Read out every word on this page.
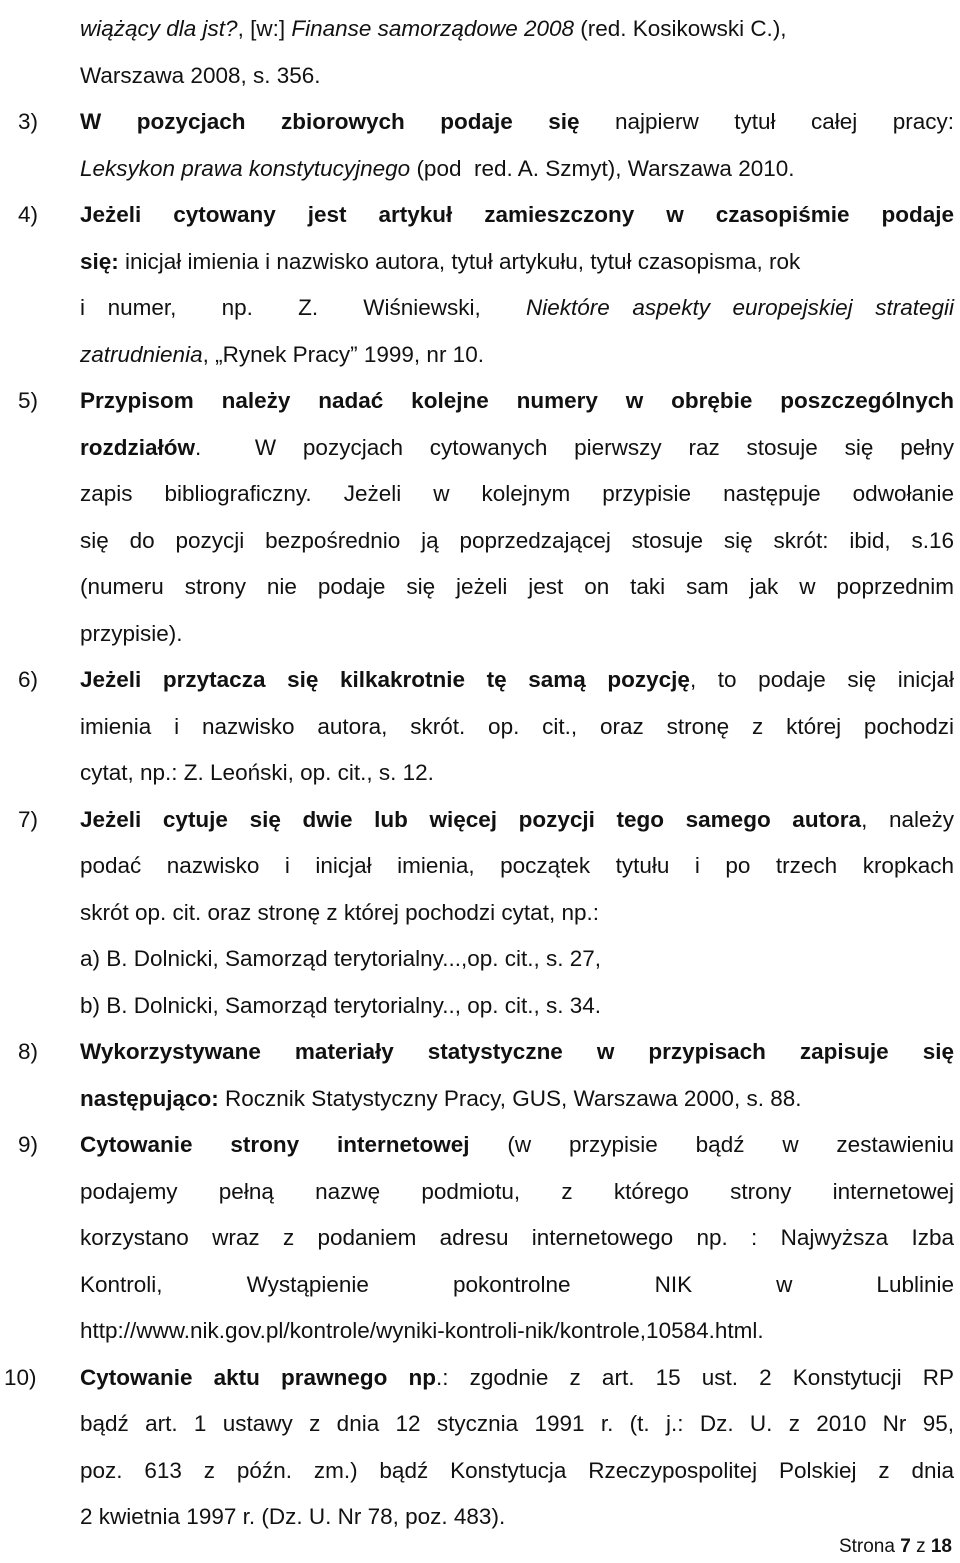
wiążący dla jst?, [w:] Finanse samorządowe 2008 (red. Kosikowski C.),
Warszawa 2008, s. 356.
3)	W pozycjach zbiorowych podaje się najpierw tytuł całej pracy:
Leksykon prawa konstytucyjnego (pod  red. A. Szmyt), Warszawa 2010.
4)	Jeżeli cytowany jest artykuł zamieszczony w czasopiśmie podaje
się: inicjał imienia i nazwisko autora, tytuł artykułu, tytuł czasopisma, rok
i numer,  np.  Z.  Wiśniewski,  Niektóre aspekty europejskiej strategii
zatrudnienia, „Rynek Pracy” 1999, nr 10.
5)	Przypisom należy nadać kolejne numery w obrębie poszczególnych
rozdziałów.  W pozycjach cytowanych pierwszy raz stosuje się pełny
zapis bibliograficzny. Jeżeli w kolejnym przypisie następuje odwołanie
się do pozycji bezpośrednio ją poprzedzającej stosuje się skrót: ibid, s.16
(numeru strony nie podaje się jeżeli jest on taki sam jak w poprzednim
przypisie).
6)	Jeżeli przytacza się kilkakrotnie tę samą pozycję, to podaje się inicjał
imienia i nazwisko autora, skrót. op. cit., oraz stronę z której pochodzi
cytat, np.: Z. Leoński, op. cit., s. 12.
7)	Jeżeli cytuje się dwie lub więcej pozycji tego samego autora, należy
podać nazwisko i inicjał imienia, początek tytułu i po trzech kropkach
skrót op. cit. oraz stronę z której pochodzi cytat, np.:
a) B. Dolnicki, Samorząd terytorialny...,op. cit., s. 27,
b) B. Dolnicki, Samorząd terytorialny.., op. cit., s. 34.
8)	Wykorzystywane materiały statystyczne w przypisach zapisuje się
następująco: Rocznik Statystyczny Pracy, GUS, Warszawa 2000, s. 88.
9)	Cytowanie strony internetowej (w przypisie bądź w zestawieniu
podajemy pełną nazwę podmiotu, z którego strony internetowej
korzystano wraz z podaniem adresu internetowego np. : Najwyższa Izba
Kontroli, Wystąpienie pokontrolne NIK w Lublinie
http://www.nik.gov.pl/kontrole/wyniki-kontroli-nik/kontrole,10584.html.
10)	Cytowanie aktu prawnego np.: zgodnie z art. 15 ust. 2 Konstytucji RP
bądź art. 1 ustawy z dnia 12 stycznia 1991 r. (t. j.: Dz. U. z 2010 Nr 95,
poz. 613 z późn. zm.) bądź Konstytucja Rzeczypospolitej Polskiej z dnia
2 kwietnia 1997 r. (Dz. U. Nr 78, poz. 483).
Strona 7 z 18
